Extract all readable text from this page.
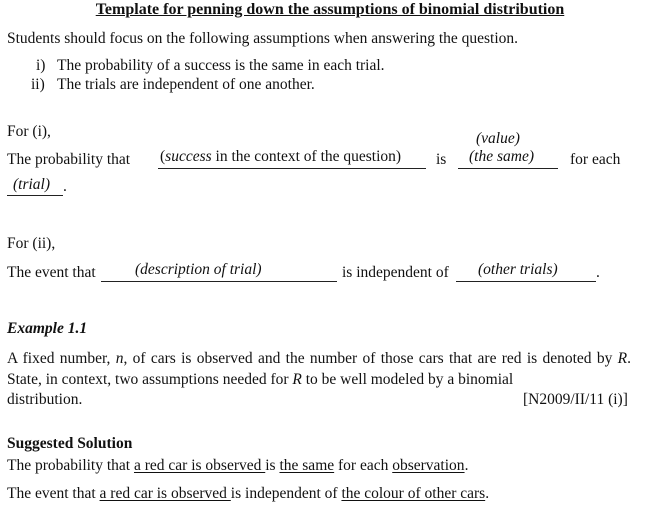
Template for penning down the assumptions of binomial distribution
Students should focus on the following assumptions when answering the question.
i) The probability of a success is the same in each trial.
ii) The trials are independent of one another.
For (i),
The probability that (success in the context of the question) is
(value)
(the same) for each
(trial) .
For (ii),
The event that	(description of trial)	is independent of (other trials) .
Example 1.1

A fixed number, n, of cars is observed and the number of those cars that are red is denoted by R. State, in context, two assumptions needed for R to be well modeled by a binomial

distribution.	[N2009/II/11 (i)]
Suggested Solution
The probability that a red car is observed is the same for each observation.
The event that a red car is observed is independent of the colour of other cars.
